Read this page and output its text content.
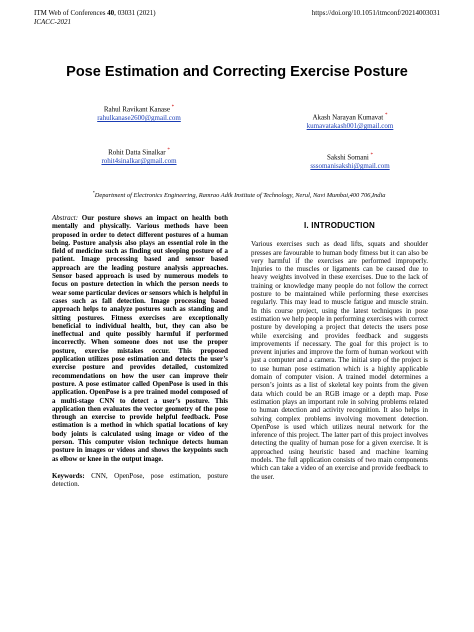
ITM Web of Conferences 40, 03031 (2021)
ICACC-2021
https://doi.org/10.1051/itmconf/20214003031
Pose Estimation and Correcting Exercise Posture
Rahul Ravikant Kanase *
rahulkanase2600@gmail.com	Akash Narayan Kumavat *
kumavatakash001@gmail.com
Rohit Datta Sinalkar *
rohit4sinalkar@gmail.com	Sakshi Somani *
sssomanisakshi@gmail.com
*Department of Electronics Engineering, Ramrao Adik Institute of Technology, Nerul, Navi Mumbai,400 706,India
Abstract: Our posture shows an impact on health both mentally and physically. Various methods have been proposed in order to detect different postures of a human being. Posture analysis also plays an essential role in the field of medicine such as finding out sleeping posture of a patient. Image processing based and sensor based approach are the leading posture analysis approaches. Sensor based approach is used by numerous models to focus on posture detection in which the person needs to wear some particular devices or sensors which is helpful in cases such as fall detection. Image processing based approach helps to analyze postures such as standing and sitting postures. Fitness exercises are exceptionally beneficial to individual health, but, they can also be ineffectual and quite possibly harmful if performed incorrectly. When someone does not use the proper posture, exercise mistakes occur. This proposed application utilizes pose estimation and detects the user’s exercise posture and provides detailed, customized recommendations on how the user can improve their posture. A pose estimator called OpenPose is used in this application. OpenPose is a pre trained model composed of a multi-stage CNN to detect a user’s posture. This application then evaluates the vector geometry of the pose through an exercise to provide helpful feedback. Pose estimation is a method in which spatial locations of key body joints is calculated using image or video of the person. This computer vision technique detects human posture in images or videos and shows the keypoints such as elbow or knee in the output image.
Keywords: CNN, OpenPose, pose estimation, posture detection.
I. INTRODUCTION
Various exercises such as dead lifts, squats and shoulder presses are favourable to human body fitness but it can also be very harmful if the exercises are performed improperly. Injuries to the muscles or ligaments can be caused due to heavy weights involved in these exercises. Due to the lack of training or knowledge many people do not follow the correct posture to be maintained while performing these exercises regularly. This may lead to muscle fatigue and muscle strain. In this course project, using the latest techniques in pose estimation we help people in performing exercises with correct posture by developing a project that detects the users pose while exercising and provides feedback and suggests improvements if necessary. The goal for this project is to prevent injuries and improve the form of human workout with just a computer and a camera. The initial step of the project is to use human pose estimation which is a highly applicable domain of computer vision. A trained model determines a person’s joints as a list of skeletal key points from the given data which could be an RGB image or a depth map. Pose estimation plays an important role in solving problems related to human detection and activity recognition. It also helps in solving complex problems involving movement detection. OpenPose is used which utilizes neural network for the inference of this project. The latter part of this project involves detecting the quality of human pose for a given exercise. It is approached using heuristic based and machine learning models. The full application consists of two main components which can take a video of an exercise and provide feedback to the user.
